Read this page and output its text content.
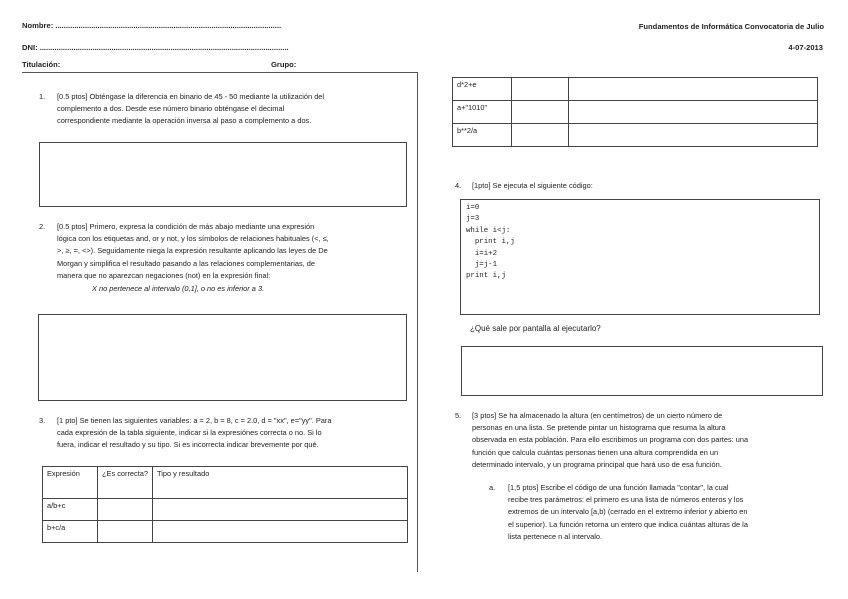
Nombre: ...........................................................................................................
DNI: ......................................................................................................................
Titulación:	Grupo:
Fundamentos de Informática Convocatoria de Julio
4-07-2013
1. [0.5 ptos] Obténgase la diferencia en binario de 45 - 50 mediante la utilización del
complemento a dos. Desde ese número binario obténgase el decimal
correspondiente mediante la operación inversa al paso a complemento a dos.
2. [0.5 ptos] Primero, expresa la condición de más abajo mediante una expresión
lógica con los etiquetas and, or y not, y los símbolos de relaciones habituales (<, ≤,
>, ≥, =, <>). Seguidamente niega la expresión resultante aplicando las leyes de De
Morgan y simplifica el resultado pasando a las relaciones complementarias, de
manera que no aparezcan negaciones (not) en la expresión final:
X no pertenece al intervalo (0,1], o no es inferior a 3.
3. [1 pto] Se tienen las siguientes variables: a = 2, b = 8, c = 2.0, d = "xx", e="yy". Para
cada expresión de la tabla siguiente, indicar si la expresiónes correcta o no. Si lo
fuera, indicar el resultado y su tipo. Si es incorrecta indicar brevemente por qué.
Expresión	¿Es correcta?	Tipo y resultado
a/b+c		
b+c/a		
d*2+e		
a+"1010"		
b**2/a		
4. [1pto] Se ejecuta el siguiente código:
i=0
j=3
while i<j:
print i,j
i=i+2
j=j-1
print i,j
¿Qué sale por pantalla al ejecutarlo?
5. [3 ptos] Se ha almacenado la altura (en centímetros) de un cierto número de
personas en una lista. Se pretende pintar un histograma que resuma la altura
observada en esta población. Para ello escribimos un programa con dos partes: una
función que calcula cuántas personas tienen una altura comprendida en un
determinado intervalo, y un programa principal que hará uso de esa función.
a. [1,5 ptos] Escribe el código de una función llamada "contar", la cual
recibe tres parámetros: el primero es una lista de números enteros y los
extremos de un intervalo [a,b) (cerrado en el extremo inferior y abierto en
el superior). La función retorna un entero que indica cuántas alturas de la
lista pertenece n al intervalo.
